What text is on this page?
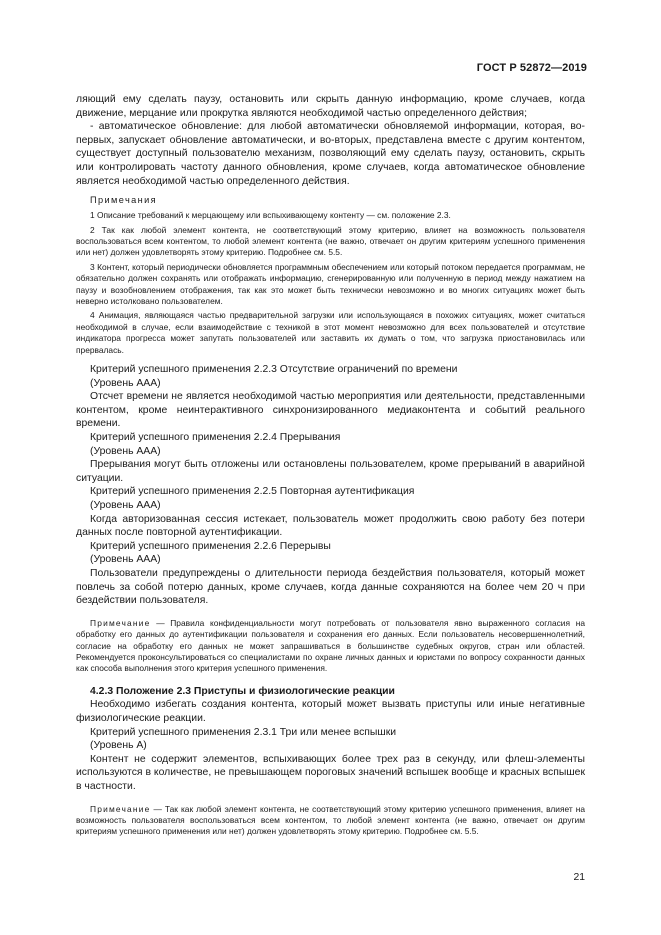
ГОСТ Р 52872—2019

ляющий ему сделать паузу, остановить или скрыть данную информацию, кроме случаев, когда движение, мерцание или прокрутка являются необходимой частью определенного действия;

- автоматическое обновление: для любой автоматически обновляемой информации, которая, во-первых, запускает обновление автоматически, и во-вторых, представлена вместе с другим контентом, существует доступный пользователю механизм, позволяющий ему сделать паузу, остановить, скрыть или контролировать частоту данного обновления, кроме случаев, когда автоматическое обновление является необходимой частью определенного действия.

Примечания

1 Описание требований к мерцающему или вспыхивающему контенту — см. положение 2.3.

2 Так как любой элемент контента, не соответствующий этому критерию, влияет на возможность пользователя воспользоваться всем контентом, то любой элемент контента (не важно, отвечает он другим критериям успешного применения или нет) должен удовлетворять этому критерию. Подробнее см. 5.5.

3 Контент, который периодически обновляется программным обеспечением или который потоком передается программам, не обязательно должен сохранять или отображать информацию, сгенерированную или полученную в период между нажатием на паузу и возобновлением отображения, так как это может быть технически невозможно и во многих ситуациях может быть неверно истолковано пользователем.

4 Анимация, являющаяся частью предварительной загрузки или использующаяся в похожих ситуациях, может считаться необходимой в случае, если взаимодействие с техникой в этот момент невозможно для всех пользователей и отсутствие индикатора прогресса может запутать пользователей или заставить их думать о том, что загрузка приостановилась или прервалась.

Критерий успешного применения 2.2.3 Отсутствие ограничений по времени

(Уровень ААА)

Отсчет времени не является необходимой частью мероприятия или деятельности, представленными контентом, кроме неинтерактивного синхронизированного медиаконтента и событий реального времени.

Критерий успешного применения 2.2.4 Прерывания

(Уровень ААА)

Прерывания могут быть отложены или остановлены пользователем, кроме прерываний в аварийной ситуации.

Критерий успешного применения 2.2.5 Повторная аутентификация

(Уровень ААА)

Когда авторизованная сессия истекает, пользователь может продолжить свою работу без потери данных после повторной аутентификации.

Критерий успешного применения 2.2.6 Перерывы

(Уровень ААА)

Пользователи предупреждены о длительности периода бездействия пользователя, который может повлечь за собой потерю данных, кроме случаев, когда данные сохраняются на более чем 20 ч при бездействии пользователя.

Примечание — Правила конфиденциальности могут потребовать от пользователя явно выраженного согласия на обработку его данных до аутентификации пользователя и сохранения его данных. Если пользователь несовершеннолетний, согласие на обработку его данных не может запрашиваться в большинстве судебных округов, стран или областей. Рекомендуется проконсультироваться со специалистами по охране личных данных и юристами по вопросу сохранности данных как способа выполнения этого критерия успешного применения.

4.2.3 Положение 2.3 Приступы и физиологические реакции

Необходимо избегать создания контента, который может вызвать приступы или иные негативные физиологические реакции.

Критерий успешного применения 2.3.1 Три или менее вспышки

(Уровень А)

Контент не содержит элементов, вспыхивающих более трех раз в секунду, или флеш-элементы используются в количестве, не превышающем пороговых значений вспышек вообще и красных вспышек в частности.

Примечание — Так как любой элемент контента, не соответствующий этому критерию успешного применения, влияет на возможность пользователя воспользоваться всем контентом, то любой элемент контента (не важно, отвечает он другим критериям успешного применения или нет) должен удовлетворять этому критерию. Подробнее см. 5.5.

21
